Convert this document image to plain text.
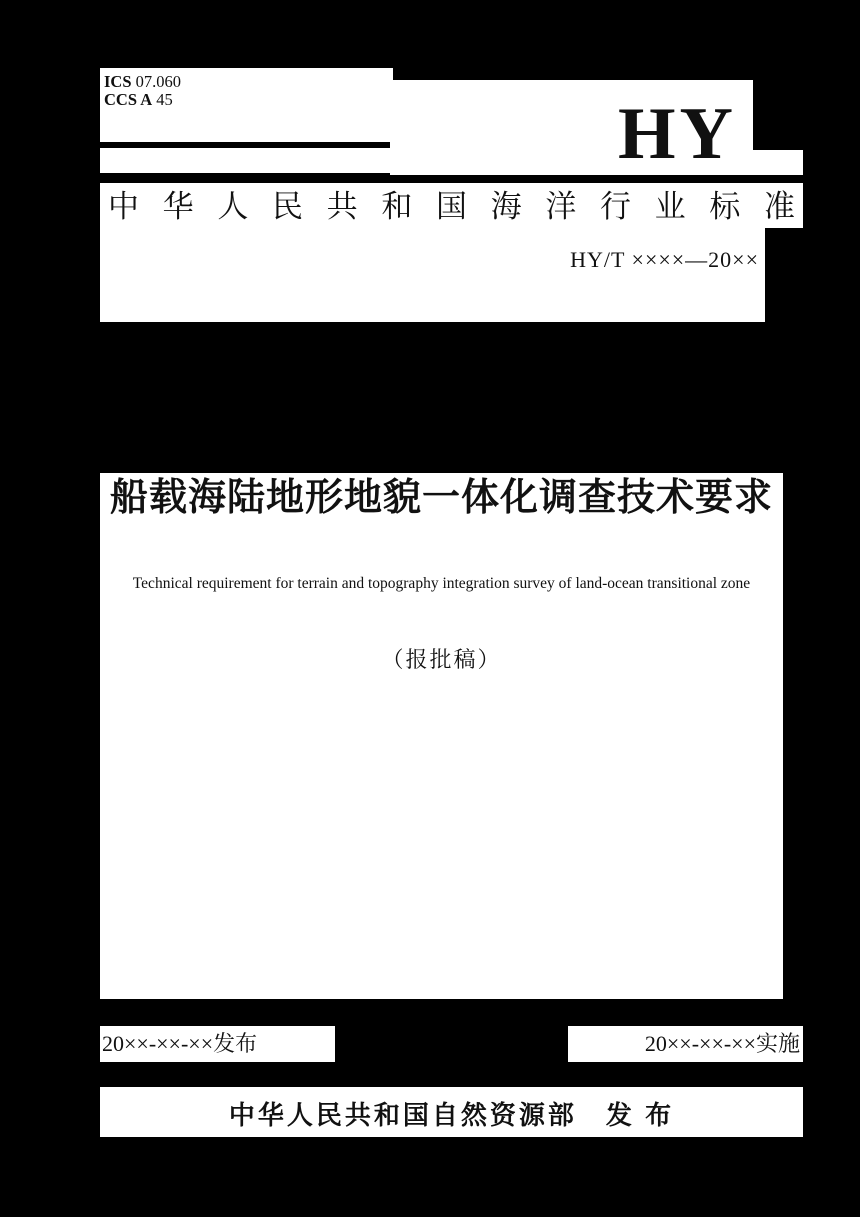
ICS 07.060
CCS A 45	HY
中 华 人 民 共 和 国 海 洋 行 业 标 准
HY/T ××××—20××
船载海陆地形地貌一体化调查技术要求
Technical requirement for terrain and topography integration survey of land-ocean transitional zone
（报批稿）
20××-××-××发布	20××-××-××实施
中华人民共和国自然资源部　发 布
